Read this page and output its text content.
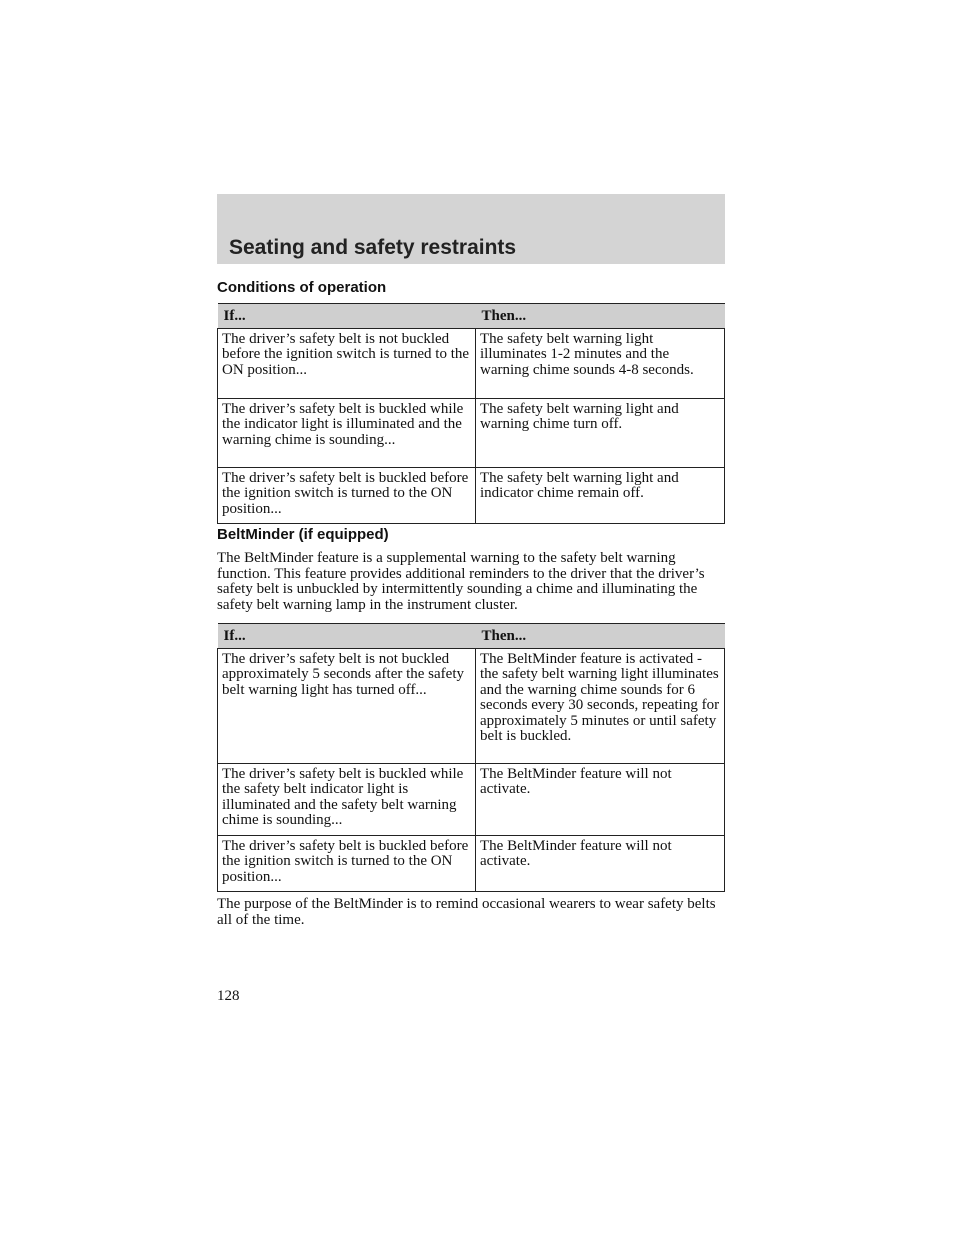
Seating and safety restraints

Conditions of operation

If...	Then...
The driver’s safety belt is not buckled before the ignition switch is turned to the ON position...	The safety belt warning light illuminates 1-2 minutes and the warning chime sounds 4-8 seconds.
The driver’s safety belt is buckled while the indicator light is illuminated and the warning chime is sounding...	The safety belt warning light and warning chime turn off.
The driver’s safety belt is buckled before the ignition switch is turned to the ON position...	The safety belt warning light and indicator chime remain off.

BeltMinder (if equipped)

The BeltMinder feature is a supplemental warning to the safety belt warning function. This feature provides additional reminders to the driver that the driver’s safety belt is unbuckled by intermittently sounding a chime and illuminating the safety belt warning lamp in the instrument cluster.

If...	Then...
The driver’s safety belt is not buckled approximately 5 seconds after the safety belt warning light has turned off...	The BeltMinder feature is activated - the safety belt warning light illuminates and the warning chime sounds for 6 seconds every 30 seconds, repeating for approximately 5 minutes or until safety belt is buckled.
The driver’s safety belt is buckled while the safety belt indicator light is illuminated and the safety belt warning chime is sounding...	The BeltMinder feature will not activate.
The driver’s safety belt is buckled before the ignition switch is turned to the ON position...	The BeltMinder feature will not activate.

The purpose of the BeltMinder is to remind occasional wearers to wear safety belts all of the time.

128
